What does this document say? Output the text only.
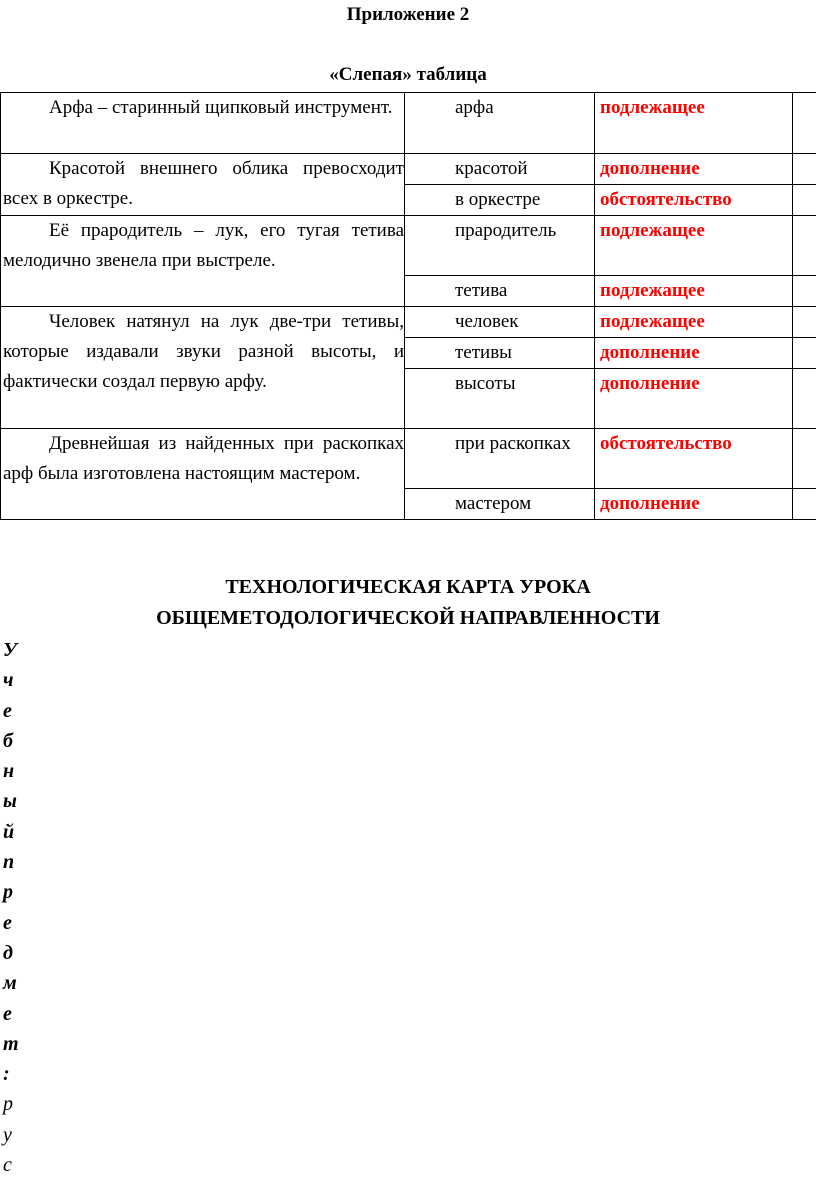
Приложение 2
«Слепая» таблица
Арфа – старинный щипковый инструмент.	арфа	подлежащее	
Красотой внешнего облика превосходит всех в оркестре.	красотой	дополнение	
	в оркестре	обстоятельство	
Её прародитель – лук, его тугая тетива мелодично звенела при выстреле.	прародитель	подлежащее	
	тетива	подлежащее	
Человек натянул на лук две-три тетивы, которые издавали звуки разной высоты, и фактически создал первую арфу.	человек	подлежащее	
	тетивы	дополнение	
	высоты	дополнение	
Древнейшая из найденных при раскопках арф была изготовлена настоящим мастером.	при раскопках	обстоятельство	
	мастером	дополнение	
ТЕХНОЛОГИЧЕСКАЯ КАРТА УРОКА
ОБЩЕМЕТОДОЛОГИЧЕСКОЙ НАПРАВЛЕННОСТИ
У
ч
е
б
н
ы
й
п
р
е
д
м
е
т
:
р
у
с
